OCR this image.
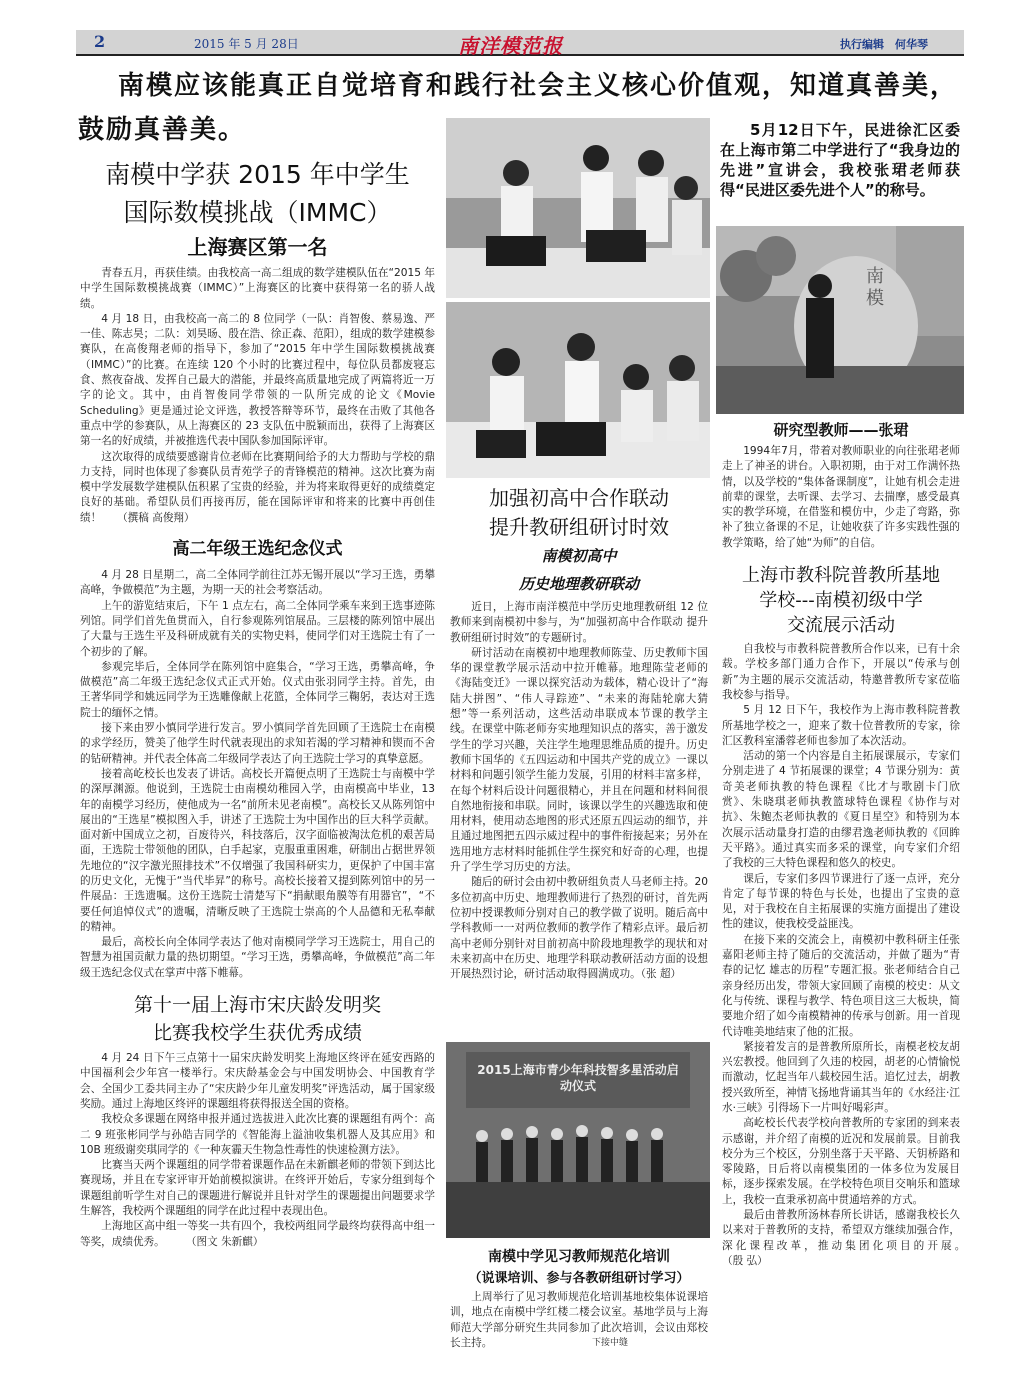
2	2015 年 5 月 28日	南洋模范报	执行编辑　何华琴
南模应该能真正自觉培育和践行社会主义核心价值观，知道真善美，鼓励真善美。
南模中学获 2015 年中学生
国际数模挑战（IMMC）
上海赛区第一名

青春五月，再获佳绩。由我校高一高二组成的数学建模队伍在“2015 年中学生国际数模挑战赛（IMMC）”上海赛区的比赛中获得第一名的骄人战绩。

4 月 18 日，由我校高一高二的 8 位同学（一队：肖智俊、蔡易逸、严一佳、陈志昊；二队：刘昊旸、殷在浩、徐正森、范阳），组成的数学建模参赛队，在高俊翔老师的指导下，参加了“2015 年中学生国际数模挑战赛（IMMC）”的比赛。在连续 120 个小时的比赛过程中，每位队员都废寝忘食、熬夜奋战、发挥自己最大的潜能，并最终高质量地完成了两篇将近一万字的论文。其中，由肖智俊同学带领的一队所完成的论文《Movie Scheduling》更是通过论文评选，教授答辩等环节，最终在击败了其他各重点中学的参赛队，从上海赛区的 23 支队伍中脱颖而出，获得了上海赛区第一名的好成绩，并被推选代表中国队参加国际评审。

这次取得的成绩要感谢肯位老师在比赛期间给予的大力帮助与学校的鼎力支持，同时也体现了参赛队员青苑学子的青锋模范的精神。这次比赛为南模中学发展数学建模队伍积累了宝贵的经验，并为将来取得更好的成绩奠定良好的基础。希望队员们再接再厉，能在国际评审和将来的比赛中再创佳绩！　　（撰稿 高俊翔）

高二年级王选纪念仪式

4 月 28 日星期二，高二全体同学前往江苏无锡开展以“学习王选，勇攀高峰，争做模范”为主题，为期一天的社会考察活动。

上午的游览结束后，下午 1 点左右，高二全体同学乘车来到王选事迹陈列馆。同学们首先鱼贯而入，自行参观陈列馆展品。三层楼的陈列馆中展出了大量与王选生平及科研成就有关的实物史料，使同学们对王选院士有了一个初步的了解。

参观完毕后，全体同学在陈列馆中庭集合，“学习王选，勇攀高峰，争做模范”高二年级王选纪念仪式正式开始。仪式由张羽同学主持。首先，由王著华同学和姚远同学为王选雕像献上花篮，全体同学三鞠躬，表达对王选院士的缅怀之情。

接下来由罗小慎同学进行发言。罗小慎同学首先回顾了王选院士在南模的求学经历，赞美了他学生时代就表现出的求知若渴的学习精神和锲而不舍的钻研精神。并代表全体高二年级同学表达了向王选院士学习的真挚意愿。

接着高屹校长也发表了讲话。高校长开篇便点明了王选院士与南模中学的深厚渊源。他说到，王选院士由南模幼稚园入学，由南模高中毕业，13 年的南模学习经历，使他成为一名“前所未见老南模”。高校长又从陈列馆中展出的“王选星”模拟图入手，讲述了王选院士为中国作出的巨大科学贡献。面对新中国成立之初，百废待兴，科技落后，汉字面临被淘汰危机的艰苦局面，王选院士带领他的团队，白手起家，克服重重困难，研制出占据世界领先地位的“汉字激光照排技术”不仅增强了我国科研实力，更保护了中国丰富的历史文化，无愧于“当代毕昇”的称号。高校长接着又提到陈列馆中的另一件展品：王选遗嘱。这份王选院士清楚写下“捐献眼角膜等有用器官”，“不要任何追悼仪式”的遗嘱，清晰反映了王选院士崇高的个人品德和无私奉献的精神。

最后，高校长向全体同学表达了他对南模同学学习王选院士，用自己的智慧为祖国贡献力量的热切期望。“学习王选，勇攀高峰，争做模范”高二年级王选纪念仪式在掌声中落下帷幕。

第十一届上海市宋庆龄发明奖
比赛我校学生获优秀成绩

4 月 24 日下午三点第十一届宋庆龄发明奖上海地区终评在延安西路的中国福利会少年宫一楼举行。宋庆龄基金会与中国发明协会、中国教育学会、全国少工委共同主办了“宋庆龄少年儿童发明奖”评选活动，属于国家级奖励。通过上海地区终评的课题组将获得报送全国的资格。

我校众多课题在网络申报并通过选拔进入此次比赛的课题组有两个：高二 9 班张彬同学与孙皓吉同学的《智能海上溢油收集机器人及其应用》和 10B 班级谢奕琪同学的《一种灰霾天生物急性毒性的快速检测方法》。

比赛当天两个课题组的同学带着课题作品在未新麒老师的带领下到达比赛现场，并且在专家评审开始前模拟演讲。在终评开始后，专家分组到每个课题组前听学生对自己的课题进行解说并且针对学生的课题提出问题要求学生解答，我校两个课题组的同学在此过程中表现出色。

上海地区高中组一等奖一共有四个，我校两组同学最终均获得高中组一等奖，成绩优秀。　　　（图文 朱新麒）

加强初高中合作联动
提升教研组研讨时效
南模初高中
历史地理教研联动

近日，上海市南洋模范中学历史地理教研组 12 位教师来到南模初中参与，为“加强初高中合作联动 提升教研组研讨时效”的专题研讨。

研讨活动在南模初中地理教师陈莹、历史教师卞国华的课堂教学展示活动中拉开帷幕。地理陈莹老师的《海陆变迁》一课以探究活动为载体，精心设计了“海陆大拼图”、“伟人寻踪迹”、“未来的海陆轮廓大猜想”等一系列活动，这些活动串联成本节课的教学主线。在课堂中陈老师夯实地理知识点的落实，善于激发学生的学习兴趣，关注学生地理思维品质的提升。历史教师卞国华的《五四运动和中国共产党的成立》一课以材料和问题引领学生能力发展，引用的材料丰富多样，在每个材料后设计问题很精心，并且在问题和材料间很自然地衔接和串联。同时，该课以学生的兴趣选取和使用材料，使用动态地图的形式还原五四运动的细节，并且通过地图把五四示威过程中的事件衔接起来；另外在选用地方志材料时能抓住学生探究和好奇的心理，也提升了学生学习历史的方法。

随后的研讨会由初中教研组负责人马老师主持。20 多位初高中历史、地理教师进行了热烈的研讨，首先两位初中授课教师分别对自己的教学做了说明。随后高中学科教师一一对两位教师的教学作了精彩点评。最后初高中老师分别针对目前初高中阶段地理教学的现状和对未来初高中在历史、地理学科联动教研活动方面的设想开展热烈讨论，研讨活动取得圆满成功。（张 超）

2015上海市青少年科技智多星活动启动仪式
南模中学见习教师规范化培训
（说课培训、参与各教研组研讨学习）

上周举行了见习教师规范化培训基地校集体说课培训，地点在南模中学红楼二楼会议室。基地学员与上海师范大学部分研究生共同参加了此次培训，会议由郑校长主持。	下接中缝

5月12日下午，民进徐汇区委在上海市第二中学进行了“我身边的先进”宣讲会，我校张珺老师获得“民进区委先进个人”的称号。

南模
研究型教师——张珺

1994年7月，带着对教师职业的向往张珺老师走上了神圣的讲台。入职初期，由于对工作满怀热情，以及学校的“集体备课制度”，让她有机会走进前辈的课堂，去听课、去学习、去揣摩，感受最真实的教学环境，在借鉴和模仿中，少走了弯路，弥补了独立备课的不足，让她收获了许多实践性强的教学策略，给了她“为师”的自信。

上海市教科院普教所基地
学校---南模初级中学
交流展示活动

自我校与市教科院普教所合作以来，已有十余载。学校多部门通力合作下，开展以“传承与创新”为主题的展示交流活动，特邀普教所专家莅临我校参与指导。

5 月 12 日下午，我校作为上海市教科院普教所基地学校之一，迎来了数十位普教所的专家，徐汇区教科室潘蓉老师也参加了本次活动。

活动的第一个内容是自主拓展课展示，专家们分别走进了 4 节拓展课的课堂；4 节课分别为：黄奇美老师执教的特色课程《比才与歌剧卡门欣赏》、朱晓琪老师执教篮球特色课程《协作与对抗》、朱鲍杰老师执教的《夏日星空》和特别为本次展示活动量身打造的由缪君逸老师执教的《回眸天平路》。通过真实而多采的课堂，向专家们介绍了我校的三大特色课程和悠久的校史。

课后，专家们多四节课进行了逐一点评，充分肯定了每节课的特色与长处，也提出了宝贵的意见，对于我校在自主拓展课的实施方面提出了建设性的建议，使我校受益匪浅。

在接下来的交流会上，南模初中教科研主任张嘉阳老师主持了随后的交流活动，并做了题为“青春的记忆 雄志的历程”专题汇报。张老师结合自己亲身经历出发，带领大家回顾了南模的校史：从文化与传统、课程与教学、特色项目这三大板块，简要地介绍了如今南模精神的传承与创新。用一首现代诗唯美地结束了他的汇报。

紧接着发言的是普教所原所长，南模老校友胡兴宏教授。他回到了久违的校园，胡老的心情愉悦而激动，忆起当年八载校园生活。追忆过去，胡教授兴致所至，神情飞扬地背诵其当年的《水经注·江水·三峡》引得场下一片叫好喝彩声。

高屹校长代表学校向普教所的专家团的到来表示感谢，并介绍了南模的近况和发展前景。目前我校分为三个校区，分别坐落于天平路、天钥桥路和零陵路，日后将以南模集团的一体多位为发展目标，逐步探索发展。在学校特色项目交响乐和篮球上，我校一直秉承初高中贯通培养的方式。

最后由普教所汤林春所长讲话，感谢我校长久以来对于普教所的支持，希望双方继续加强合作，深化课程改革，推动集团化项目的开展。　　　　　（殷 弘）
